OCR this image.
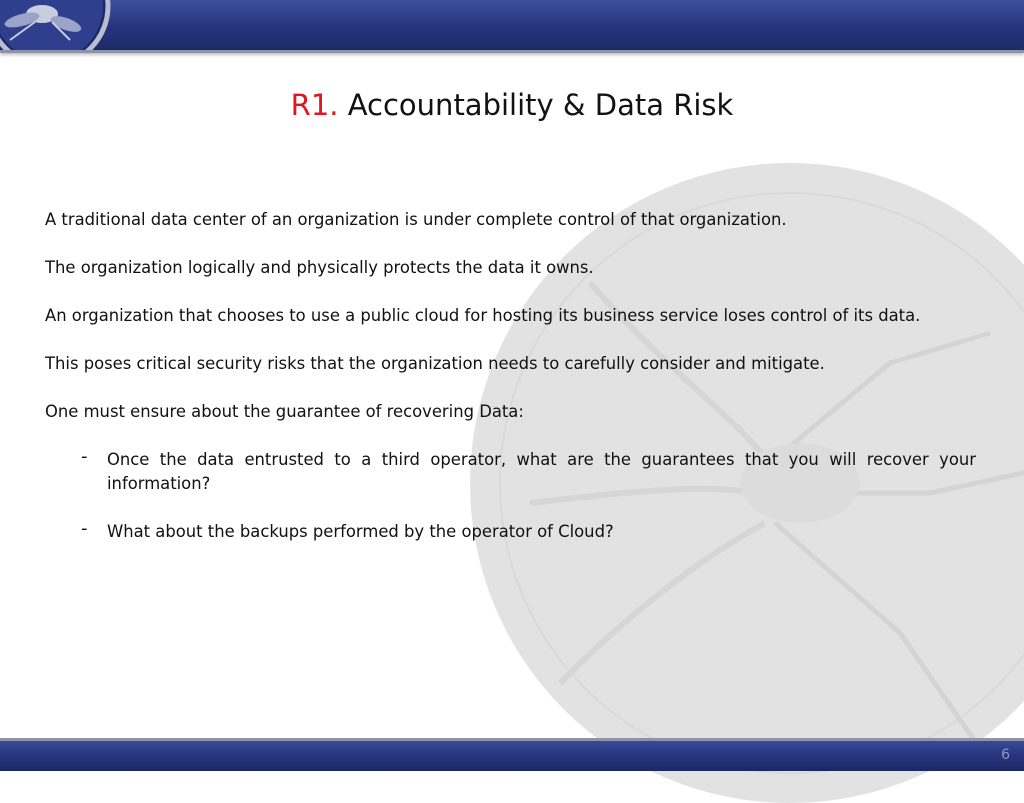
R1. Accountability & Data Risk

A traditional data center of an organization is under complete control of that organization.

The organization logically and physically protects the data it owns.

An organization that chooses to use a public cloud for hosting its business service loses control of its data.

This poses critical security risks that the organization needs to carefully consider and mitigate.

One must ensure about the guarantee of recovering Data:

- Once the data entrusted to a third operator, what are the guarantees that you will recover your information?
- What about the backups performed by the operator of Cloud?
6
